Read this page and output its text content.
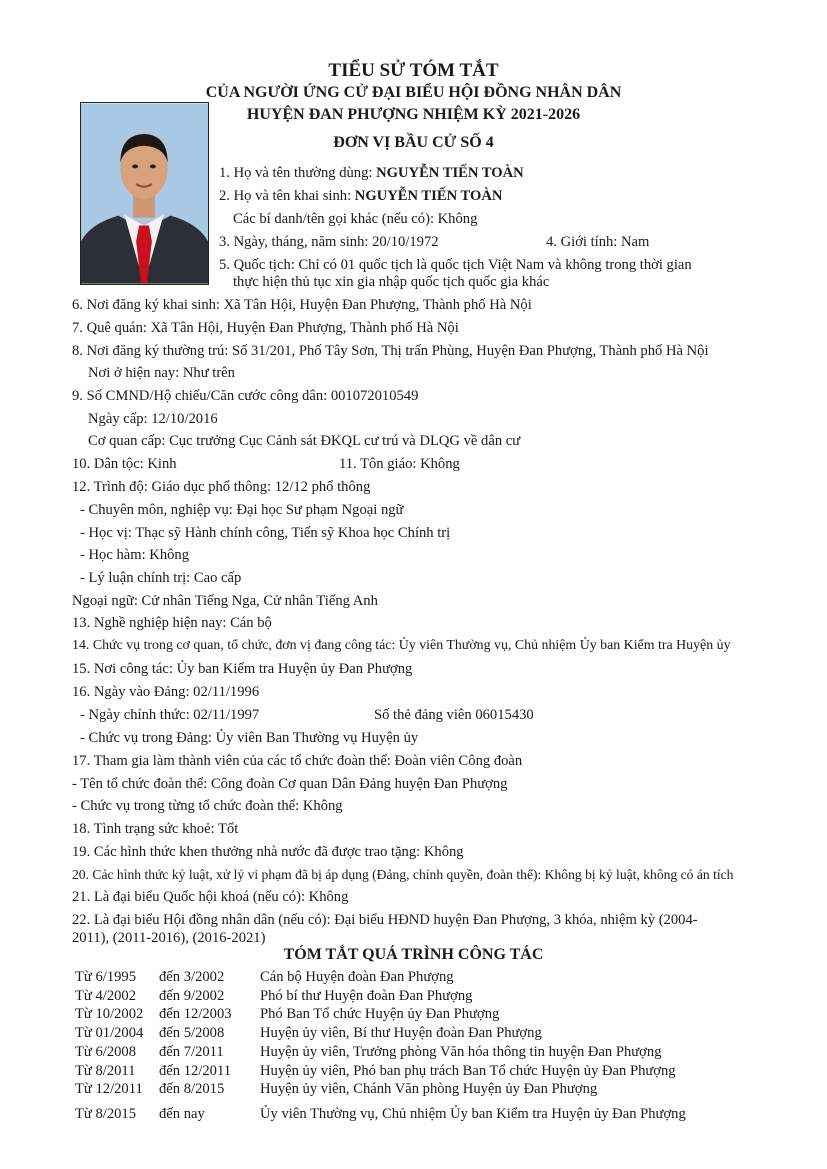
TIỂU SỬ TÓM TẮT
CỦA NGƯỜI ỨNG CỬ ĐẠI BIỂU HỘI ĐỒNG NHÂN DÂN
HUYỆN ĐAN PHƯỢNG NHIỆM KỲ 2021-2026
ĐƠN VỊ BẦU CỬ SỐ 4
1. Họ và tên thường dùng: NGUYỄN TIẾN TOÀN
2. Họ và tên khai sinh: NGUYỄN TIẾN TOÀN
Các bí danh/tên gọi khác (nếu có): Không
3. Ngày, tháng, năm sinh: 20/10/1972	4. Giới tính: Nam
5. Quốc tịch: Chỉ có 01 quốc tịch là quốc tịch Việt Nam và không trong thời gian
thực hiện thủ tục xin gia nhập quốc tịch quốc gia khác
6. Nơi đăng ký khai sinh: Xã Tân Hội, Huyện Đan Phượng, Thành phố Hà Nội
7. Quê quán: Xã Tân Hội, Huyện Đan Phượng, Thành phố Hà Nội
8. Nơi đăng ký thường trú: Số 31/201, Phố Tây Sơn, Thị trấn Phùng, Huyện Đan Phượng, Thành phố Hà Nội
Nơi ở hiện nay: Như trên
9. Số CMND/Hộ chiếu/Căn cước công dân: 001072010549
Ngày cấp: 12/10/2016
Cơ quan cấp: Cục trưởng Cục Cảnh sát ĐKQL cư trú và DLQG về dân cư
10. Dân tộc: Kinh	11. Tôn giáo: Không
12. Trình độ: Giáo dục phổ thông: 12/12 phổ thông
- Chuyên môn, nghiệp vụ: Đại học Sư phạm Ngoại ngữ
- Học vị: Thạc sỹ Hành chính công, Tiến sỹ Khoa học Chính trị
- Học hàm: Không
- Lý luận chính trị: Cao cấp
Ngoại ngữ: Cử nhân Tiếng Nga, Cử nhân Tiếng Anh
13. Nghề nghiệp hiện nay: Cán bộ
14. Chức vụ trong cơ quan, tổ chức, đơn vị đang công tác: Ủy viên Thường vụ, Chủ nhiệm Ủy ban Kiểm tra Huyện ủy
15. Nơi công tác: Ủy ban Kiểm tra Huyện ủy Đan Phượng
16. Ngày vào Đảng: 02/11/1996
- Ngày chính thức: 02/11/1997	Số thẻ đảng viên 06015430
- Chức vụ trong Đảng: Ủy viên Ban Thường vụ Huyện ủy
17. Tham gia làm thành viên của các tổ chức đoàn thể: Đoàn viên Công đoàn
- Tên tổ chức đoàn thể: Công đoàn Cơ quan Dân Đảng huyện Đan Phượng
- Chức vụ trong từng tổ chức đoàn thể: Không
18. Tình trạng sức khoẻ: Tốt
19. Các hình thức khen thưởng nhà nước đã được trao tặng: Không
20. Các hình thức kỷ luật, xử lý vi phạm đã bị áp dụng (Đảng, chính quyền, đoàn thể): Không bị kỷ luật, không có án tích
21. Là đại biểu Quốc hội khoá (nếu có): Không
22. Là đại biểu Hội đồng nhân dân (nếu có): Đại biểu HĐND huyện Đan Phượng, 3 khóa, nhiệm kỳ (2004-
2011), (2011-2016), (2016-2021)
TÓM TẮT QUÁ TRÌNH CÔNG TÁC
Từ 6/1995 đến 3/2002 Cán bộ Huyện đoàn Đan Phượng
Từ 4/2002 đến 9/2002 Phó bí thư Huyện đoàn Đan Phượng
Từ 10/2002 đến 12/2003 Phó Ban Tổ chức Huyện ủy Đan Phượng
Từ 01/2004 đến 5/2008 Huyện ủy viên, Bí thư Huyện đoàn Đan Phượng
Từ 6/2008 đến 7/2011 Huyện ủy viên, Trưởng phòng Văn hóa thông tin huyện Đan Phượng
Từ 8/2011 đến 12/2011 Huyện ủy viên, Phó ban phụ trách Ban Tổ chức Huyện ủy Đan Phượng
Từ 12/2011 đến 8/2015 Huyện ủy viên, Chánh Văn phòng Huyện ủy Đan Phượng
Từ 8/2015 đến nay	Ủy viên Thường vụ, Chủ nhiệm Ủy ban Kiểm tra Huyện ủy Đan Phượng
